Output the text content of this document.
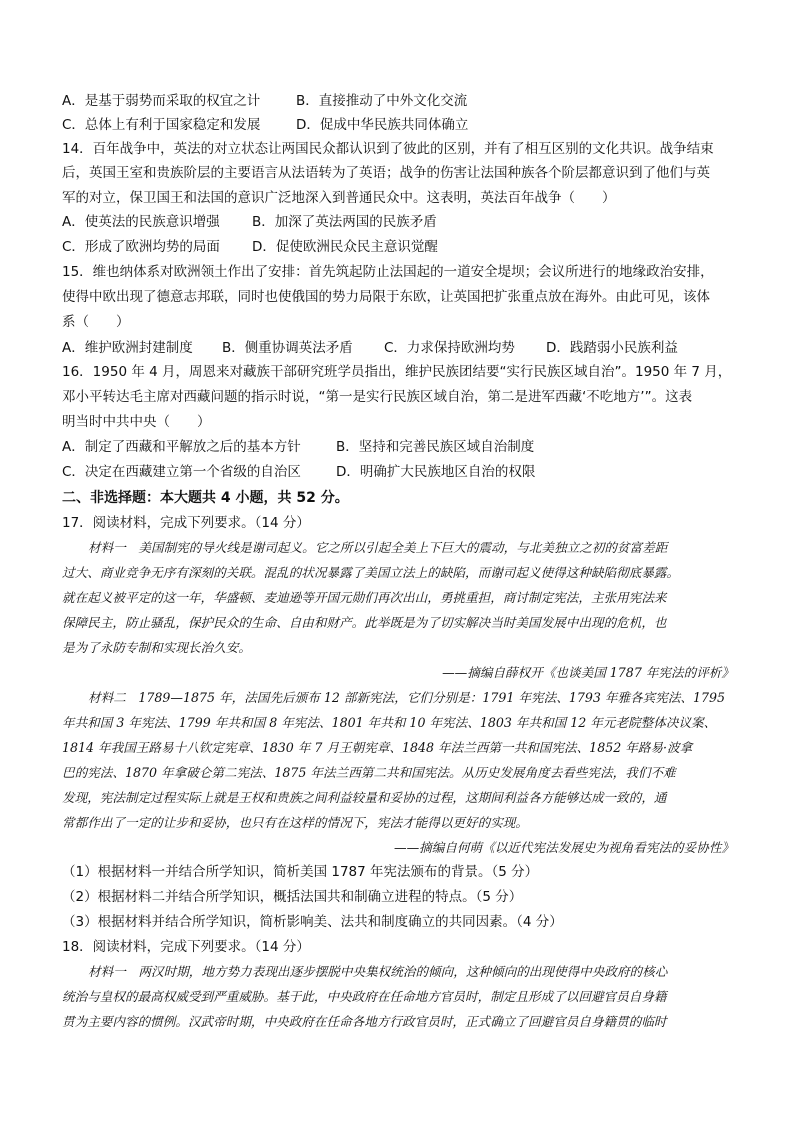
A．是基于弱势而采取的权宜之计	B．直接推动了中外文化交流
C．总体上有利于国家稳定和发展	D．促成中华民族共同体确立
14．百年战争中，英法的对立状态让两国民众都认识到了彼此的区别，并有了相互区别的文化共识。战争结束
后，英国王室和贵族阶层的主要语言从法语转为了英语；战争的伤害让法国种族各个阶层都意识到了他们与英
军的对立，保卫国王和法国的意识广泛地深入到普通民众中。这表明，英法百年战争（　　）
A．使英法的民族意识增强 B．加深了英法两国的民族矛盾
C．形成了欧洲均势的局面 D．促使欧洲民众民主意识觉醒
15．维也纳体系对欧洲领土作出了安排：首先筑起防止法国起的一道安全堤坝；会议所进行的地缘政治安排，
使得中欧出现了德意志邦联，同时也使俄国的势力局限于东欧，让英国把扩张重点放在海外。由此可见，该体
系（　　）
A．维护欧洲封建制度 B．侧重协调英法矛盾 C．力求保持欧洲均势 D．践踏弱小民族利益
16．1950 年 4 月，周恩来对藏族干部研究班学员指出，维护民族团结要“实行民族区域自治”。1950 年 7 月，
邓小平转达毛主席对西藏问题的指示时说，“第一是实行民族区域自治，第二是进军西藏‘不吃地方’”。这表
明当时中共中央（　　）
A．制定了西藏和平解放之后的基本方针	B．坚持和完善民族区域自治制度
C．决定在西藏建立第一个省级的自治区	D．明确扩大民族地区自治的权限
二、非选择题：本大题共 4 小题，共 52 分。
17．阅读材料，完成下列要求。（14 分）
材料一　美国制宪的导火线是谢司起义。它之所以引起全美上下巨大的震动，与北美独立之初的贫富差距
过大、商业竞争无序有深刻的关联。混乱的状况暴露了美国立法上的缺陷，而谢司起义使得这种缺陷彻底暴露。
就在起义被平定的这一年，华盛顿、麦迪逊等开国元勋们再次出山，勇挑重担，商讨制定宪法，主张用宪法来
保障民主，防止骚乱，保护民众的生命、自由和财产。此举既是为了切实解决当时美国发展中出现的危机，也
是为了永防专制和实现长治久安。
——摘编自薛权开《也谈美国 1787 年宪法的评析》
材料二　1789—1875 年，法国先后颁布 12 部新宪法，它们分别是：1791 年宪法、1793 年雅各宾宪法、1795
年共和国 3 年宪法、1799 年共和国 8 年宪法、1801 年共和 10 年宪法、1803 年共和国 12 年元老院整体决议案、
1814 年我国王路易十八钦定宪章、1830 年 7 月王朝宪章、1848 年法兰西第一共和国宪法、1852 年路易·波拿
巴的宪法、1870 年拿破仑第二宪法、1875 年法兰西第二共和国宪法。从历史发展角度去看些宪法，我们不难
发现，宪法制定过程实际上就是王权和贵族之间利益较量和妥协的过程，这期间利益各方能够达成一致的，通
常都作出了一定的让步和妥协，也只有在这样的情况下，宪法才能得以更好的实现。
——摘编自何萌《以近代宪法发展史为视角看宪法的妥协性》
（1）根据材料一并结合所学知识，简析美国 1787 年宪法颁布的背景。（5 分）
（2）根据材料二并结合所学知识，概括法国共和制确立进程的特点。（5 分）
（3）根据材料并结合所学知识，简析影响美、法共和制度确立的共同因素。（4 分）
18．阅读材料，完成下列要求。（14 分）
材料一　两汉时期，地方势力表现出逐步摆脱中央集权统治的倾向，这种倾向的出现使得中央政府的核心
统治与皇权的最高权威受到严重威胁。基于此，中央政府在任命地方官员时，制定且形成了以回避官员自身籍
贯为主要内容的惯例。汉武帝时期，中央政府在任命各地方行政官员时，正式确立了回避官员自身籍贯的临时
